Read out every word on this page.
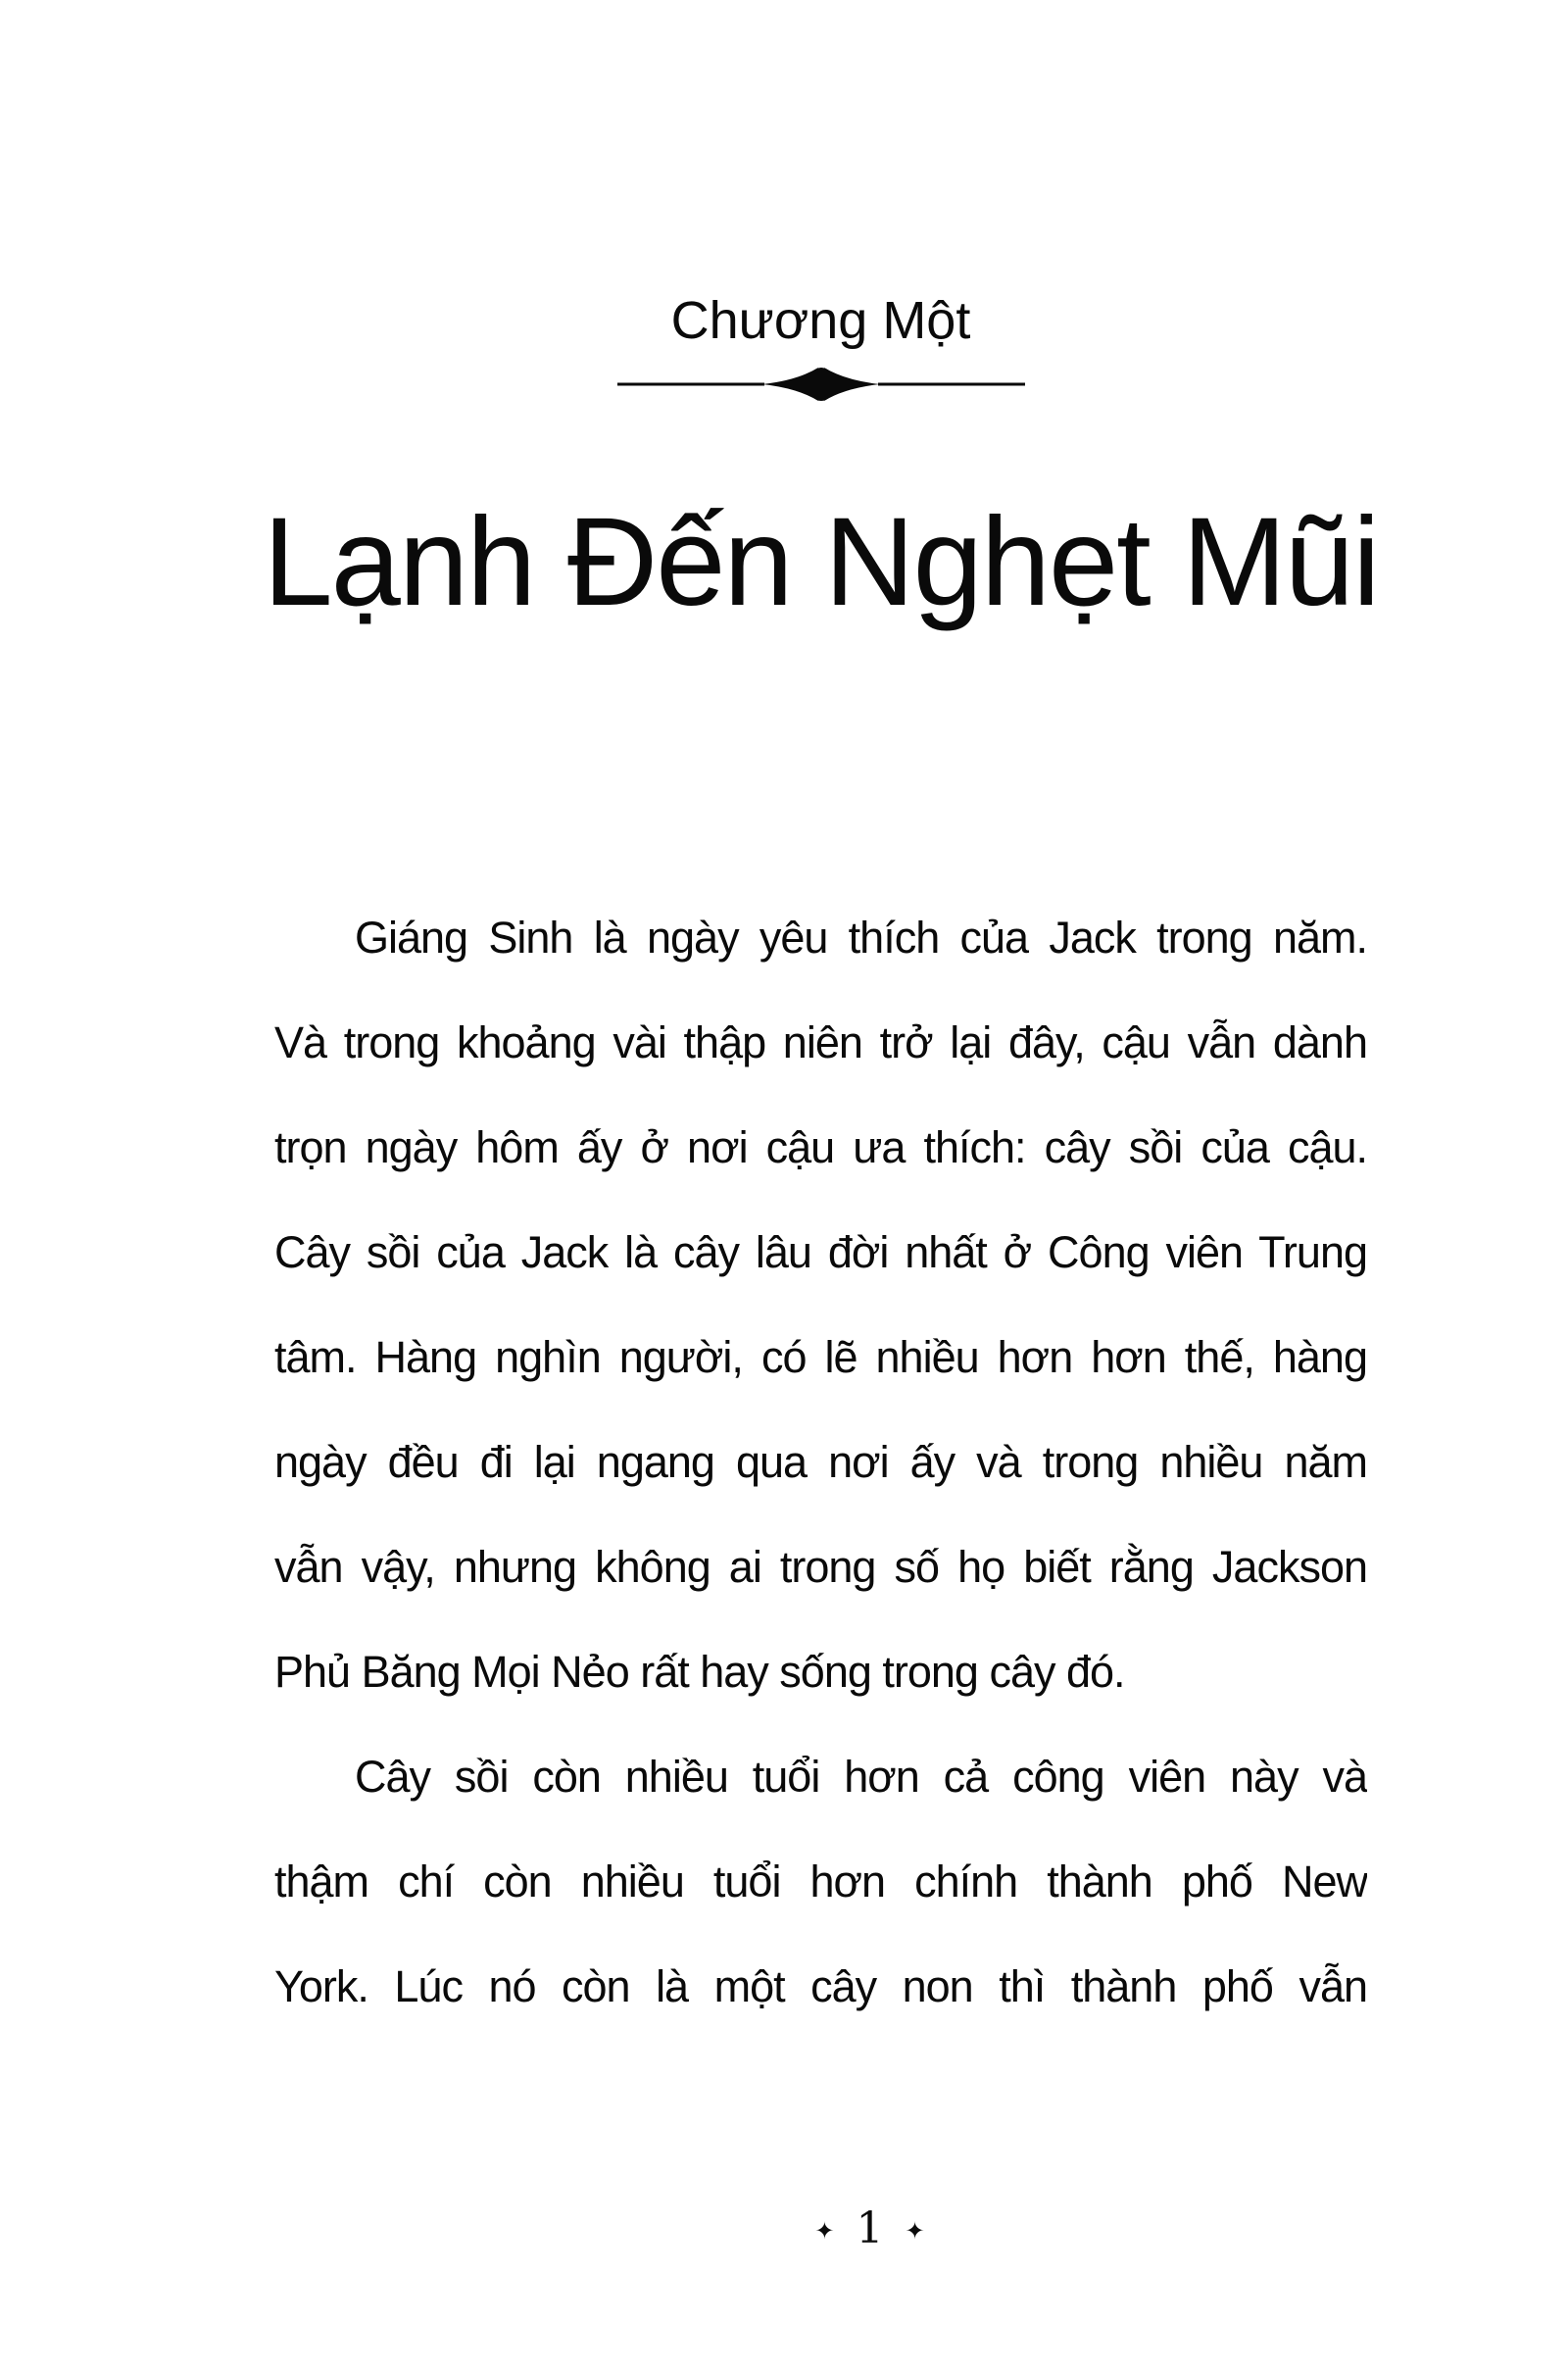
Chương Một
Lạnh Đến Nghẹt Mũi
Giáng Sinh là ngày yêu thích của Jack trong năm.
Và trong khoảng vài thập niên trở lại đây, cậu vẫn dành
trọn ngày hôm ấy ở nơi cậu ưa thích: cây sồi của cậu.
Cây sồi của Jack là cây lâu đời nhất ở Công viên Trung
tâm. Hàng nghìn người, có lẽ nhiều hơn hơn thế, hàng
ngày đều đi lại ngang qua nơi ấy và trong nhiều năm
vẫn vậy, nhưng không ai trong số họ biết rằng Jackson
Phủ Băng Mọi Nẻo rất hay sống trong cây đó.
Cây sồi còn nhiều tuổi hơn cả công viên này và
thậm chí còn nhiều tuổi hơn chính thành phố New
York. Lúc nó còn là một cây non thì thành phố vẫn
✦ 1 ✦
